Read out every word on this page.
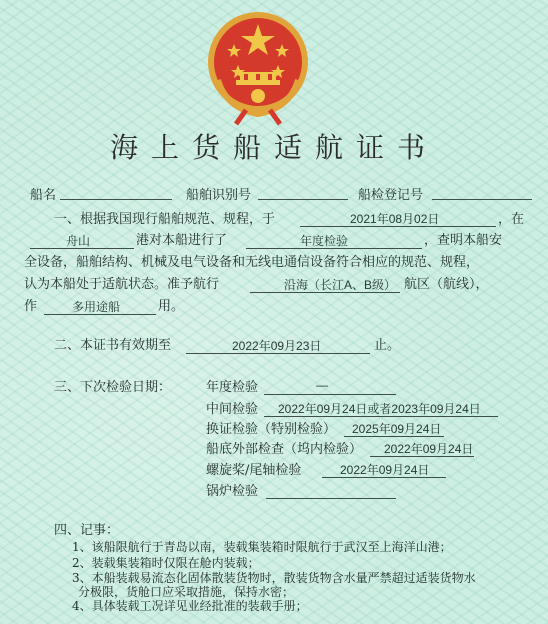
海上货船适航证书
船名	船舶识别号	船检登记号
一、根据我国现行船舶规范、规程，于	2021年08月02日	，在
舟山	港对本船进行了	年度检验	，查明本船安
全设备，船舶结构、机械及电气设备和无线电通信设备符合相应的规范、规程，
认为本船处于适航状态。准予航行	沿海（长江A、B级） 航区（航线），
作	多用途船	用。
二、本证书有效期至	2022年09月23日	止。
三、下次检验日期：	年度检验	—
中间检验 2022年09月24日或者2023年09月24日
换证检验（特别检验） 2025年09月24日
船底外部检查（坞内检验） 2022年09月24日
螺旋桨/尾轴检验	2022年09月24日
锅炉检验
四、记事：
1、该船限航行于青岛以南，装载集装箱时限航行于武汉至上海洋山港；
2、装载集装箱时仅限在舱内装载；
3、本船装载易流态化固体散装货物时，散装货物含水量严禁超过适装货物水
分极限，货舱口应采取措施，保持水密；
4、具体装载工况详见业经批准的装载手册；
